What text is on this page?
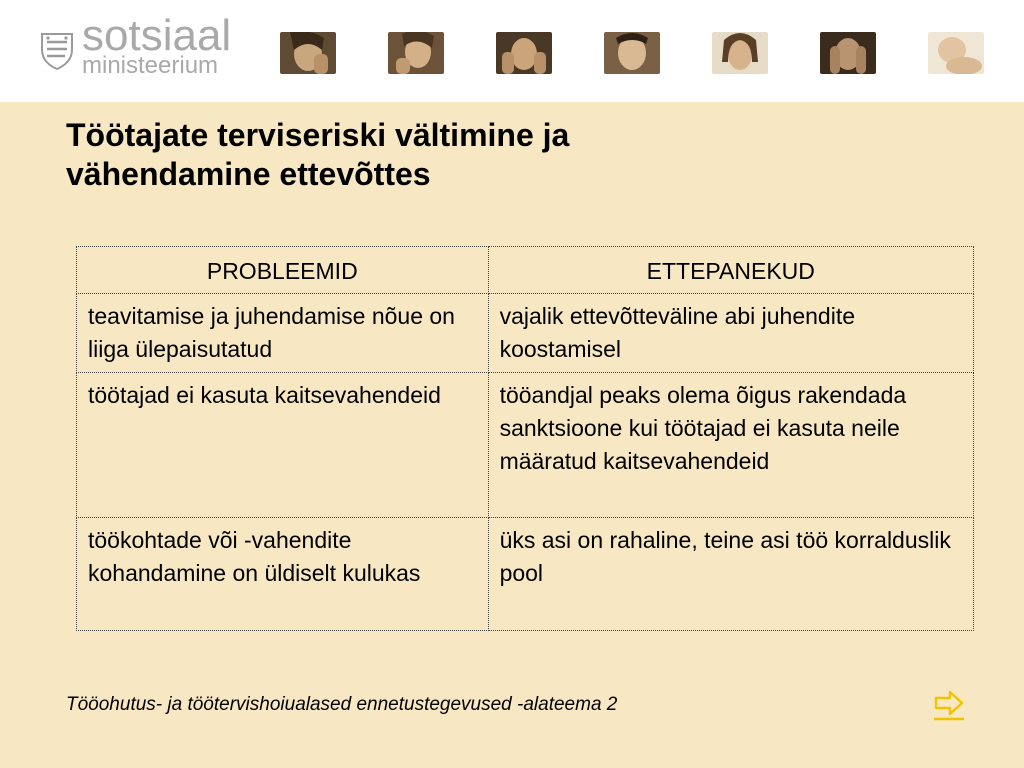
sotsiaal
ministeerium
Töötajate terviseriski vältimine ja
vähendamine ettevõttes
PROBLEEMID	ETTEPANEKUD
teavitamise ja juhendamise nõue on liiga ülepaisutatud	vajalik ettevõtteväline abi juhendite koostamisel
töötajad ei kasuta kaitsevahendeid	tööandjal peaks olema õigus rakendada sanktsioone kui töötajad ei kasuta neile määratud kaitsevahendeid
töökohtade või -vahendite kohandamine on üldiselt kulukas	üks asi on rahaline, teine asi töö korralduslik pool
Tööohutus- ja töötervishoiualased ennetustegevused -alateema 2
